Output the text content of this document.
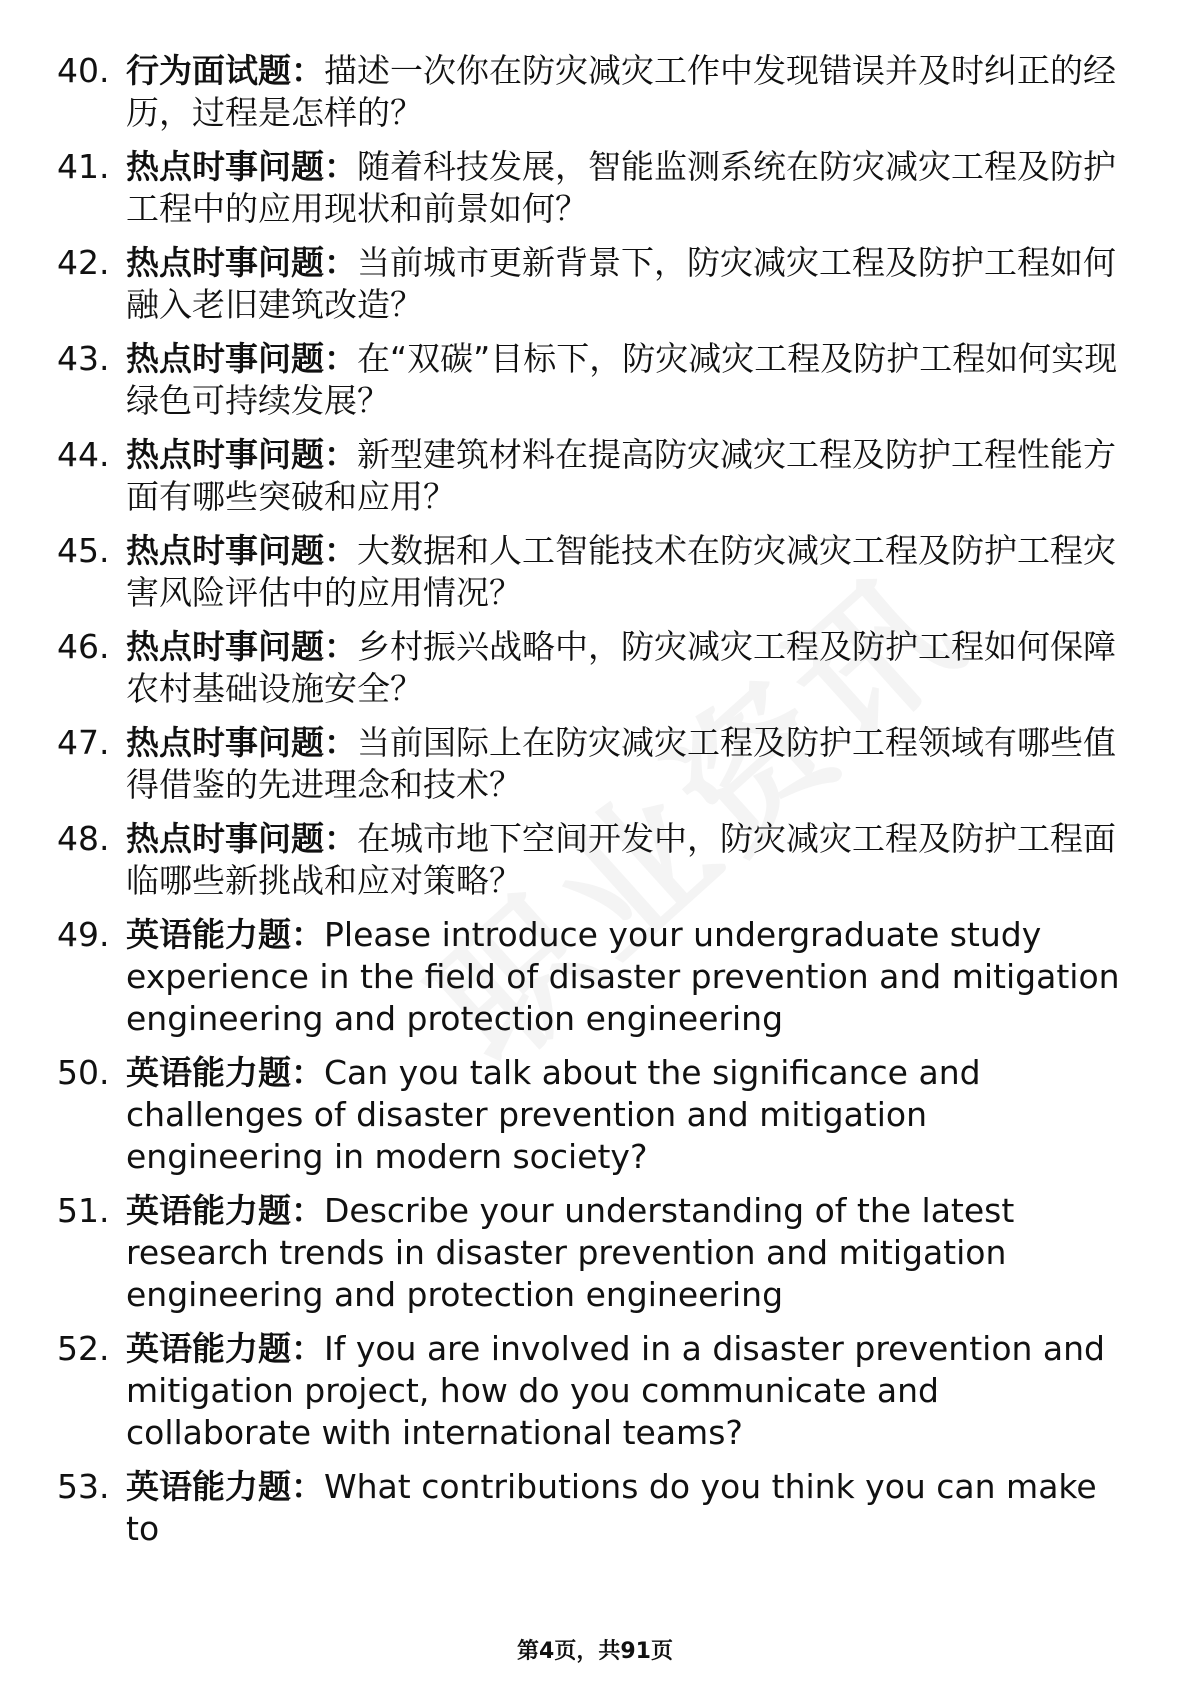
40. 行为面试题：描述一次你在防灾减灾工作中发现错误并及时纠正的经历，过程是怎样的？
41. 热点时事问题：随着科技发展，智能监测系统在防灾减灾工程及防护工程中的应用现状和前景如何？
42. 热点时事问题：当前城市更新背景下，防灾减灾工程及防护工程如何融入老旧建筑改造？
43. 热点时事问题：在“双碳”目标下，防灾减灾工程及防护工程如何实现绿色可持续发展？
44. 热点时事问题：新型建筑材料在提高防灾减灾工程及防护工程性能方面有哪些突破和应用？
45. 热点时事问题：大数据和人工智能技术在防灾减灾工程及防护工程灾害风险评估中的应用情况？
46. 热点时事问题：乡村振兴战略中，防灾减灾工程及防护工程如何保障农村基础设施安全？
47. 热点时事问题：当前国际上在防灾减灾工程及防护工程领域有哪些值得借鉴的先进理念和技术？
48. 热点时事问题：在城市地下空间开发中，防灾减灾工程及防护工程面临哪些新挑战和应对策略？
49. 英语能力题：Please introduce your undergraduate study experience in the field of disaster prevention and mitigation engineering and protection engineering
50. 英语能力题：Can you talk about the significance and challenges of disaster prevention and mitigation engineering in modern society?
51. 英语能力题：Describe your understanding of the latest research trends in disaster prevention and mitigation engineering and protection engineering
52. 英语能力题：If you are involved in a disaster prevention and mitigation project, how do you communicate and collaborate with international teams?
53. 英语能力题：What contributions do you think you can make to
第4页，共91页
